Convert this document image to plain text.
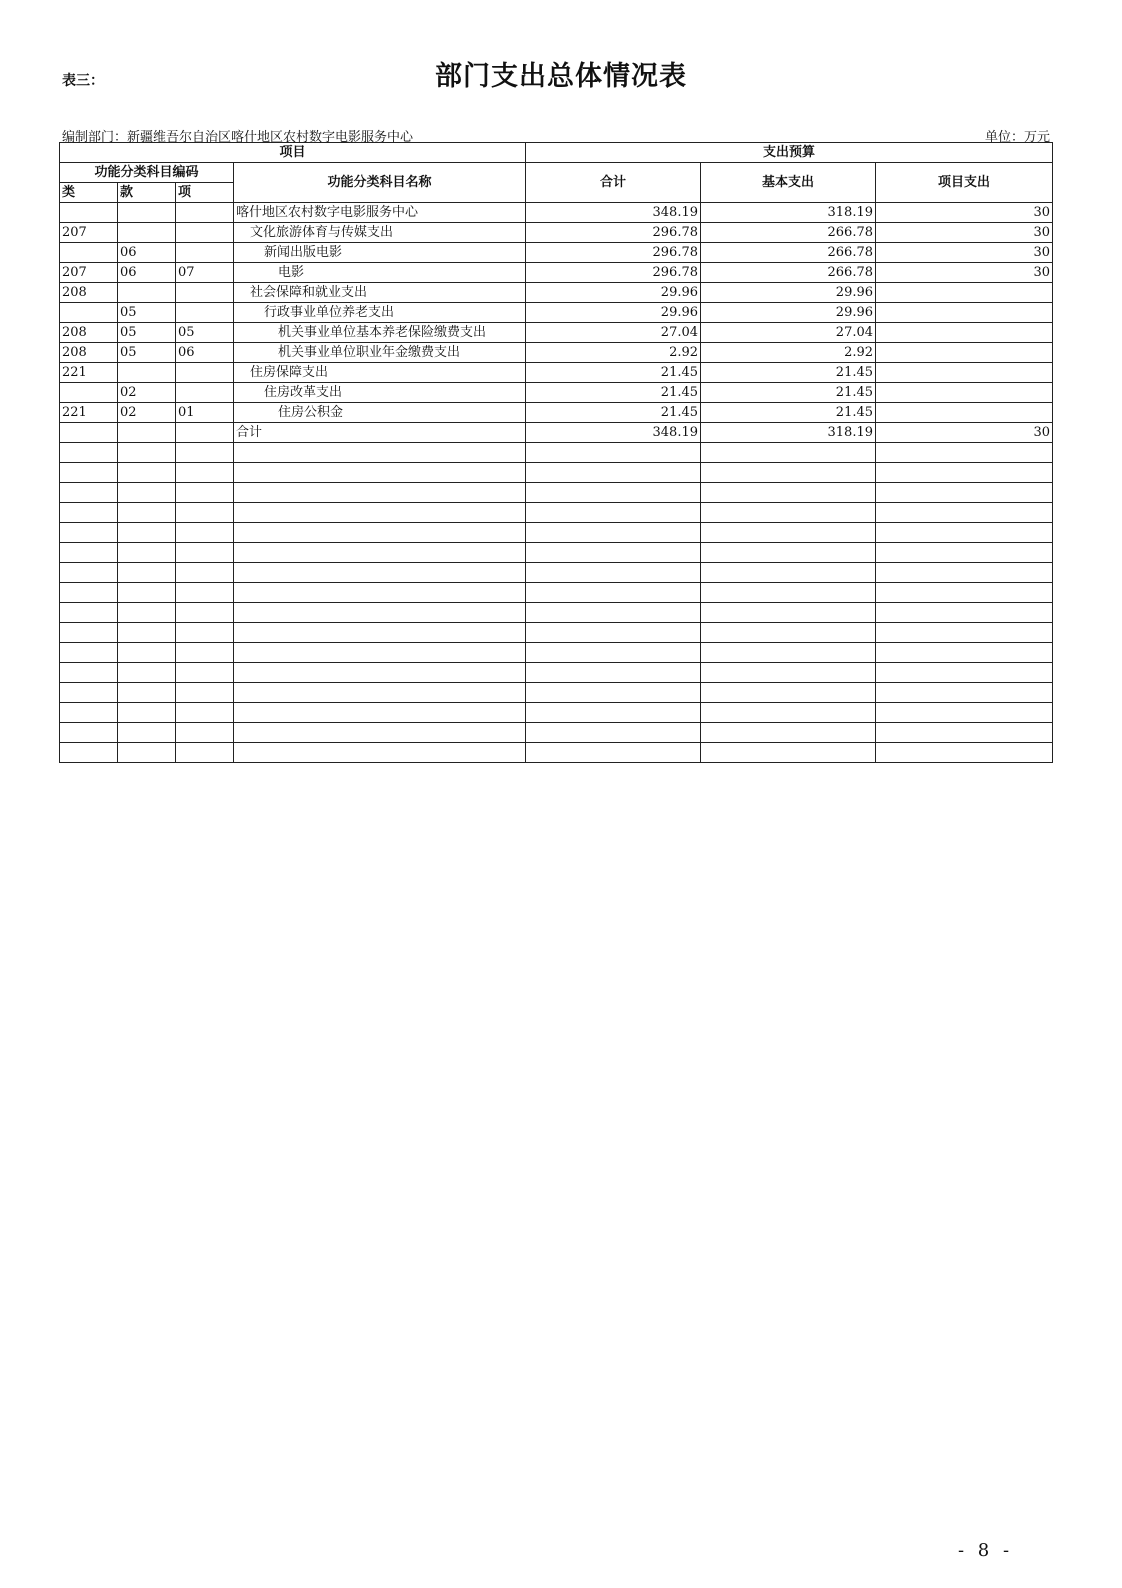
表三：	部门支出总体情况表
编制部门：新疆维吾尔自治区喀什地区农村数字电影服务中心	单位：万元
项目				支出预算		
功能分类科目编码			功能分类科目名称	合计	基本支出	项目支出
类	款	项				
			喀什地区农村数字电影服务中心	348.19	318.19	30
207			文化旅游体育与传媒支出	296.78	266.78	30
	06		新闻出版电影	296.78	266.78	30
207	06	07	电影	296.78	266.78	30
208			社会保障和就业支出	29.96	29.96	
	05		行政事业单位养老支出	29.96	29.96	
208	05	05	机关事业单位基本养老保险缴费支出	27.04	27.04	
208	05	06	机关事业单位职业年金缴费支出	2.92	2.92	
221			住房保障支出	21.45	21.45	
	02		住房改革支出	21.45	21.45	
221	02	01	住房公积金	21.45	21.45	
			合计	348.19	318.19	30

- 8 -
